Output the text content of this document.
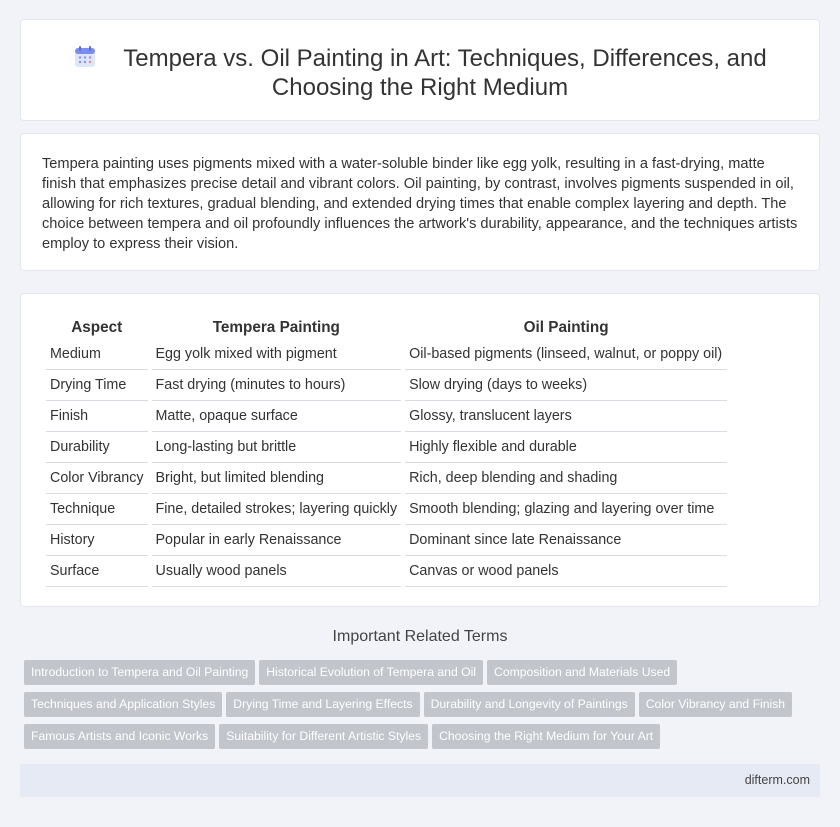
Tempera vs. Oil Painting in Art: Techniques, Differences, and Choosing the Right Medium

Tempera painting uses pigments mixed with a water-soluble binder like egg yolk, resulting in a fast-drying, matte finish that emphasizes precise detail and vibrant colors. Oil painting, by contrast, involves pigments suspended in oil, allowing for rich textures, gradual blending, and extended drying times that enable complex layering and depth. The choice between tempera and oil profoundly influences the artwork's durability, appearance, and the techniques artists employ to express their vision.

Aspect	Tempera Painting	Oil Painting
Medium	Egg yolk mixed with pigment	Oil-based pigments (linseed, walnut, or poppy oil)
Drying Time	Fast drying (minutes to hours)	Slow drying (days to weeks)
Finish	Matte, opaque surface	Glossy, translucent layers
Durability	Long-lasting but brittle	Highly flexible and durable
Color Vibrancy	Bright, but limited blending	Rich, deep blending and shading
Technique	Fine, detailed strokes; layering quickly	Smooth blending; glazing and layering over time
History	Popular in early Renaissance	Dominant since late Renaissance
Surface	Usually wood panels	Canvas or wood panels
Important Related Terms
Introduction to Tempera and Oil Painting Historical Evolution of Tempera and Oil Composition and Materials Used
Techniques and Application Styles Drying Time and Layering Effects Durability and Longevity of Paintings Color Vibrancy and Finish
Famous Artists and Iconic Works Suitability for Different Artistic Styles Choosing the Right Medium for Your Art
difterm.com
